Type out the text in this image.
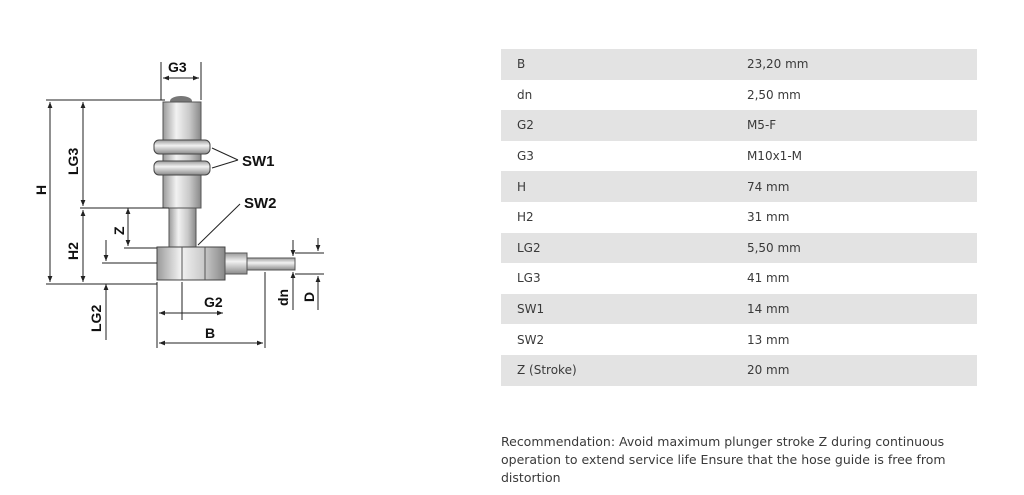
G3
SW1
SW2
G2
B
H
LG3
H2
Z
LG2
dn D
B	23,20 mm
dn	2,50 mm
G2	M5-F
G3	M10x1-M
H	74 mm
H2	31 mm
LG2	5,50 mm
LG3	41 mm
SW1	14 mm
SW2	13 mm
Z (Stroke)	20 mm

Recommendation: Avoid maximum plunger stroke Z during continuous operation to extend service life Ensure that the hose guide is free from distortion
